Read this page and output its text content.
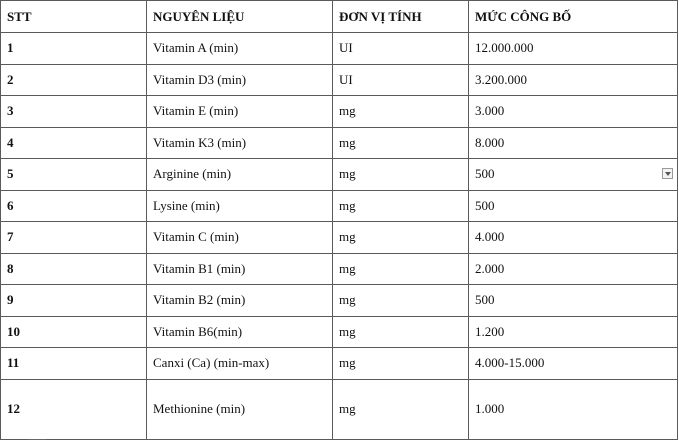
STT	NGUYÊN LIỆU	ĐƠN VỊ TÍNH	MỨC CÔNG BỐ
1	Vitamin A (min)	UI	12.000.000
2	Vitamin D3 (min)	UI	3.200.000
3	Vitamin E (min)	mg	3.000
4	Vitamin K3 (min)	mg	8.000
5	Arginine (min)	mg	500

6	Lysine (min)	mg	500
7	Vitamin C (min)	mg	4.000
8	Vitamin B1 (min)	mg	2.000
9	Vitamin B2 (min)	mg	500
10	Vitamin B6(min)	mg	1.200
11	Canxi (Ca) (min-max)	mg	4.000-15.000
12	Methionine (min)	mg	1.000
